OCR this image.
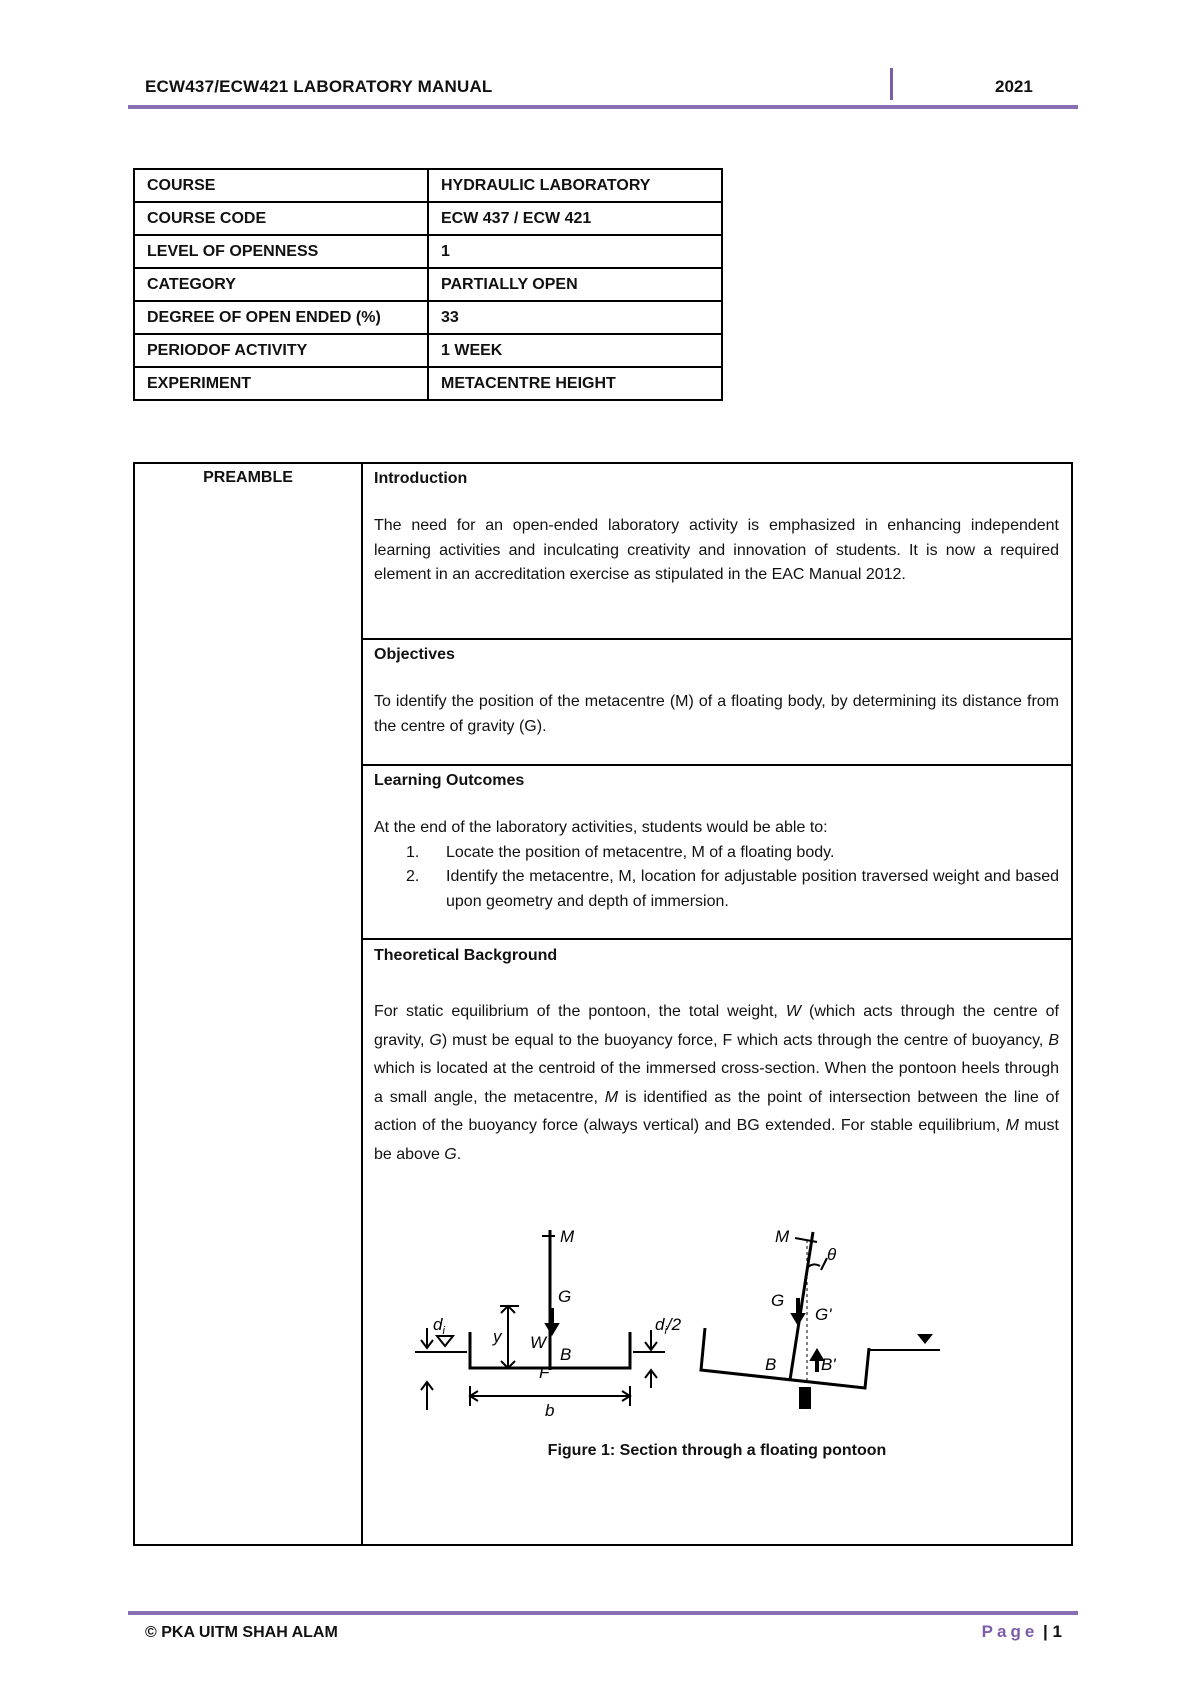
ECW437/ECW421 LABORATORY MANUAL	2021
COURSE	HYDRAULIC LABORATORY
COURSE CODE	ECW 437 / ECW 421
LEVEL OF OPENNESS	1
CATEGORY	PARTIALLY OPEN
DEGREE OF OPEN ENDED (%)	33
PERIODOF ACTIVITY	1 WEEK
EXPERIMENT	METACENTRE HEIGHT
PREAMBLE	Introduction

The need for an open-ended laboratory activity is emphasized in enhancing independent learning activities and inculcating creativity and innovation of students. It is now a required element in an accreditation exercise as stipulated in the EAC Manual 2012.

Objectives

To identify the position of the metacentre (M) of a floating body, by determining its distance from the centre of gravity (G).

Learning Outcomes

At the end of the laboratory activities, students would be able to:

1. Locate the position of metacentre, M of a floating body.
2. Identify the metacentre, M, location for adjustable position traversed weight and based upon geometry and depth of immersion.
Theoretical Background

For static equilibrium of the pontoon, the total weight, W (which acts through the centre of gravity, G) must be equal to the buoyancy force, F which acts through the centre of buoyancy, B which is located at the centroid of the immersed cross-section. When the pontoon heels through a small angle, the metacentre, M is identified as the point of intersection between the line of action of the buoyancy force (always vertical) and BG extended. For stable equilibrium, M must be above G.

M
G
W
B
F
y
$d_i$	$d_i/2$
b
M
θ
G
G'
B	B'
Figure 1: Section through a floating pontoon
© PKA UITM SHAH ALAM	Page | 1
